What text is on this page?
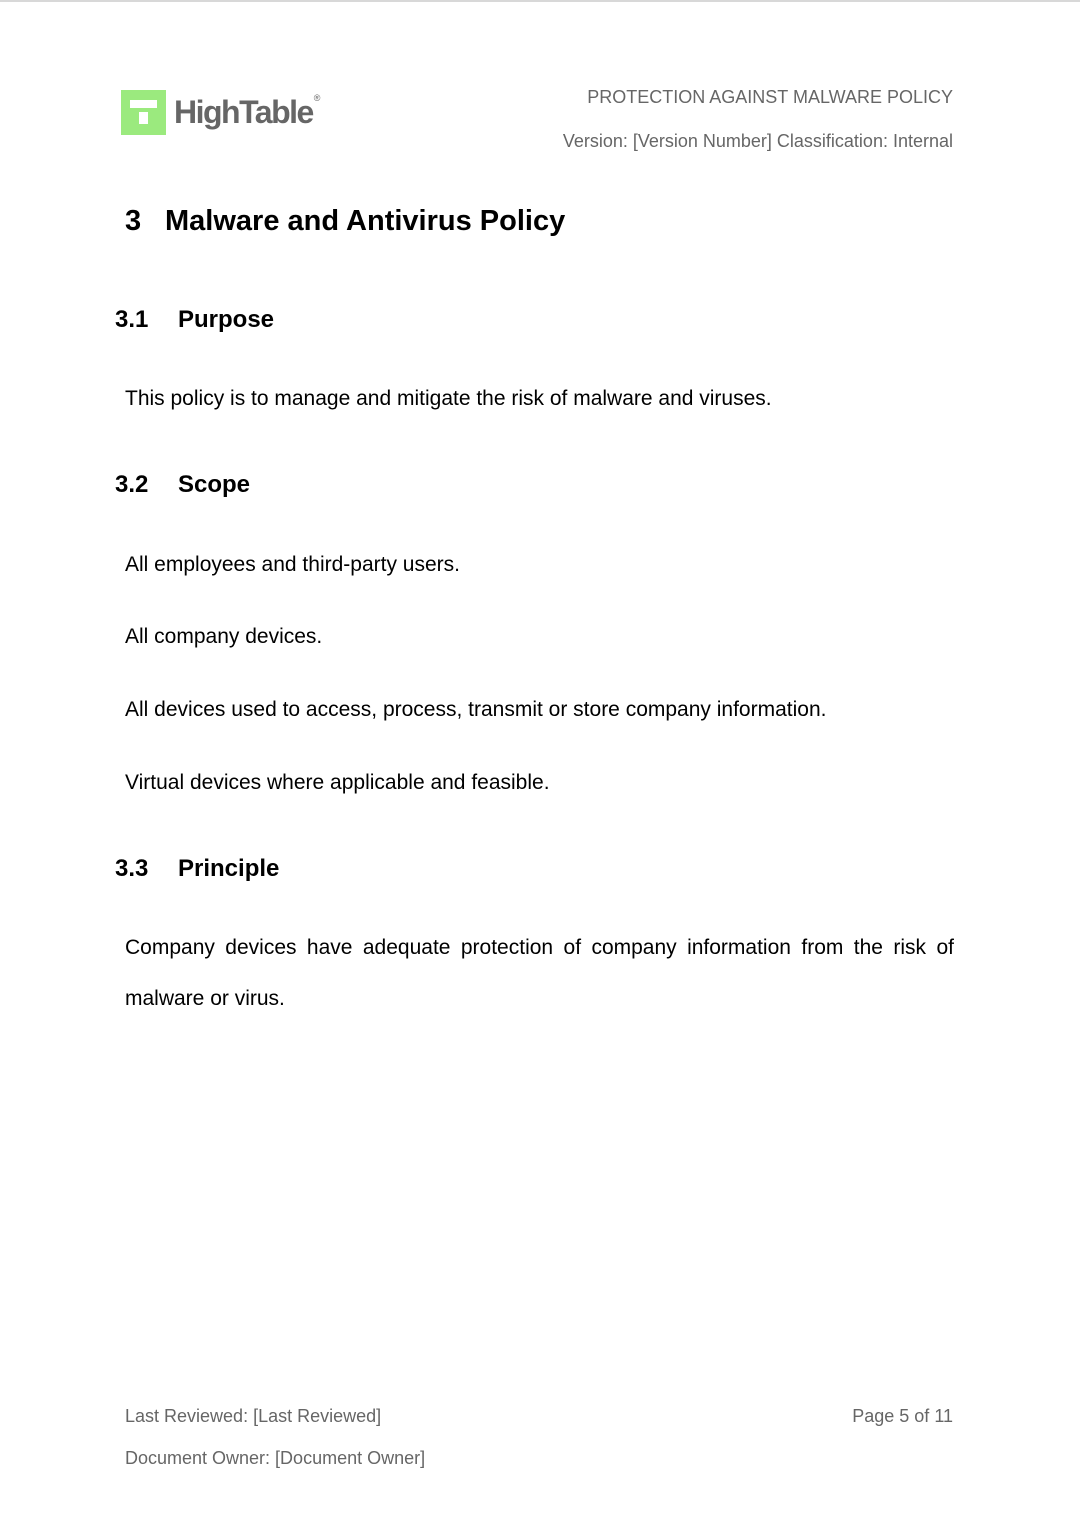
HighTable®	PROTECTION AGAINST MALWARE POLICY
Version: [Version Number] Classification: Internal
3 Malware and Antivirus Policy
3.1 Purpose
This policy is to manage and mitigate the risk of malware and viruses.
3.2 Scope
All employees and third-party users.
All company devices.
All devices used to access, process, transmit or store company information.
Virtual devices where applicable and feasible.
3.3 Principle
Company devices have adequate protection of company information from the risk of malware or virus.
Last Reviewed: [Last Reviewed]
Document Owner: [Document Owner]
Page 5 of 11
